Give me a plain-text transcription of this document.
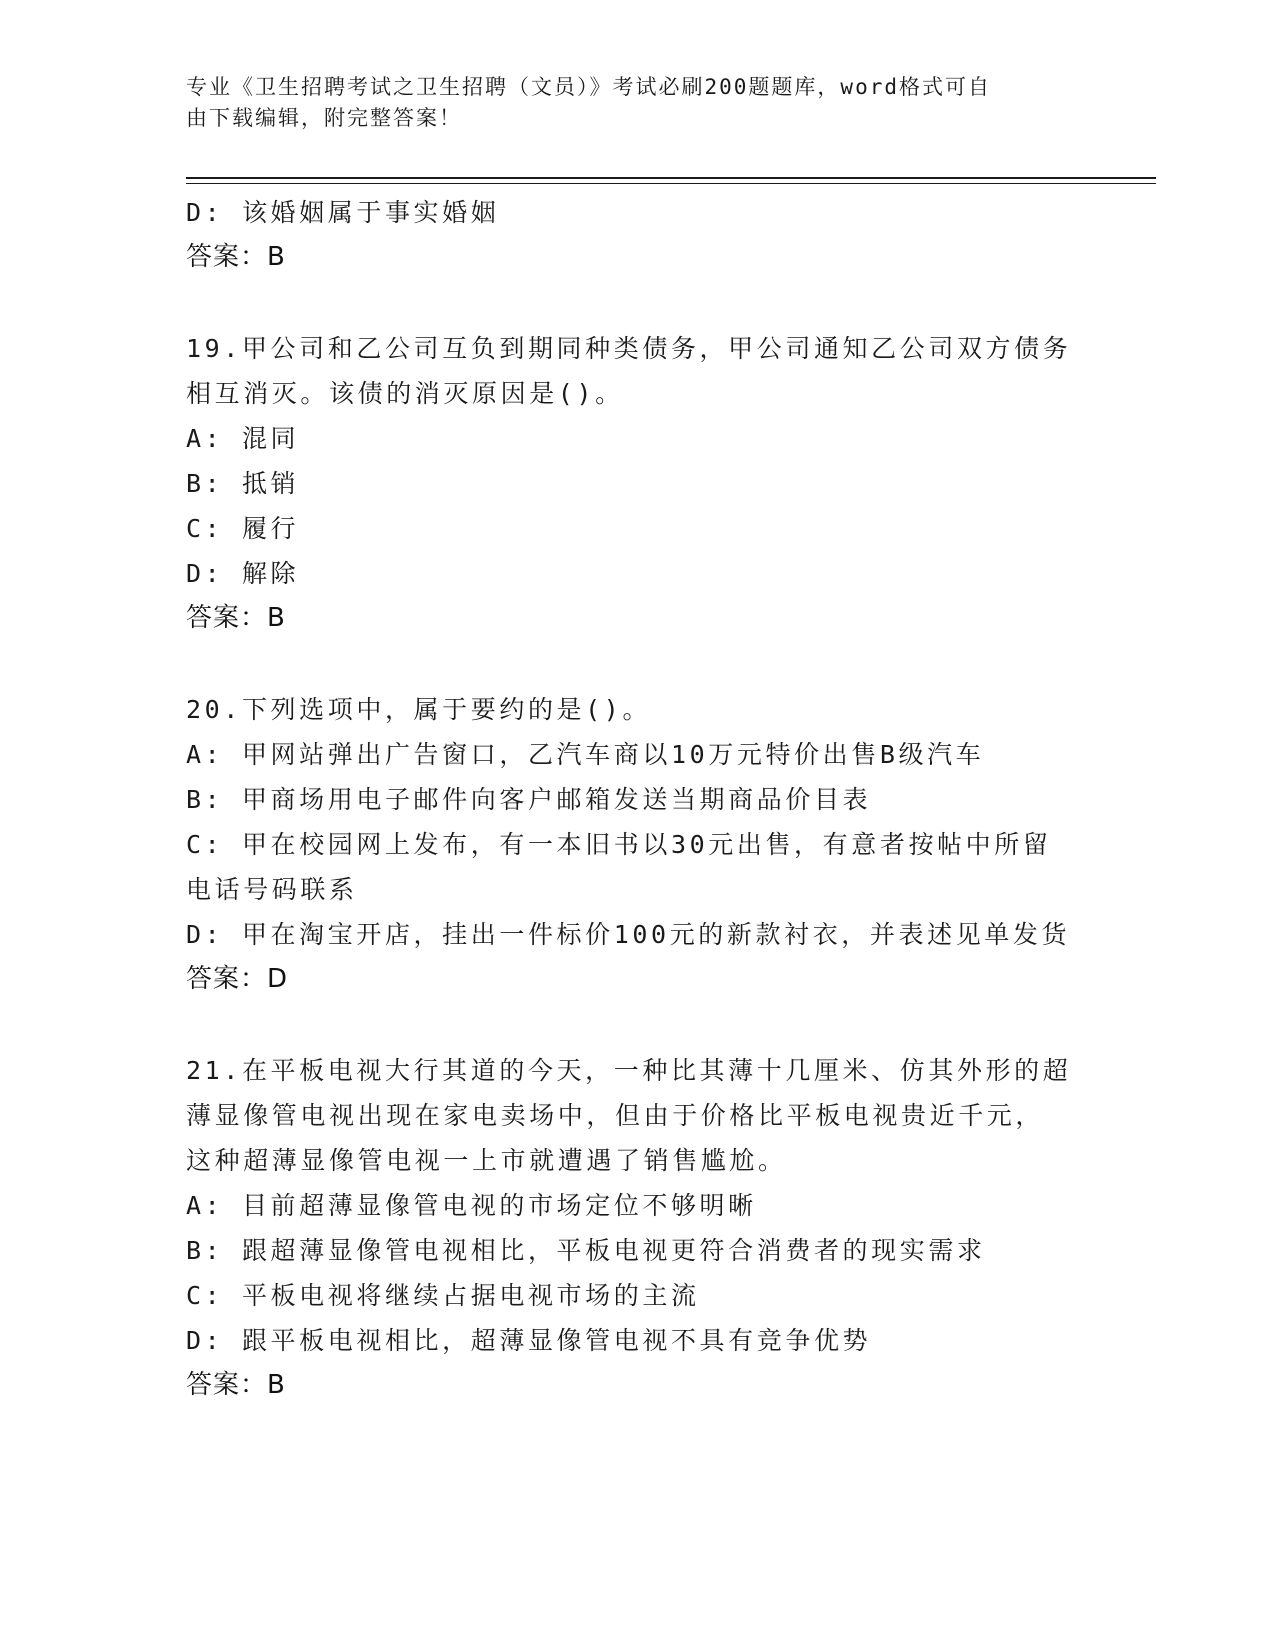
专业《卫生招聘考试之卫生招聘（文员）》考试必刷200题题库，word格式可自
由下载编辑，附完整答案！
D: 该婚姻属于事实婚姻
答案：B
19.甲公司和乙公司互负到期同种类债务，甲公司通知乙公司双方债务
相互消灭。该债的消灭原因是()。
A: 混同
B: 抵销
C: 履行
D: 解除
答案：B
20.下列选项中，属于要约的是()。
A: 甲网站弹出广告窗口，乙汽车商以10万元特价出售B级汽车
B: 甲商场用电子邮件向客户邮箱发送当期商品价目表
C: 甲在校园网上发布，有一本旧书以30元出售，有意者按帖中所留
电话号码联系
D: 甲在淘宝开店，挂出一件标价100元的新款衬衣，并表述见单发货
答案：D
21.在平板电视大行其道的今天，一种比其薄十几厘米、仿其外形的超
薄显像管电视出现在家电卖场中，但由于价格比平板电视贵近千元，
这种超薄显像管电视一上市就遭遇了销售尴尬。
A: 目前超薄显像管电视的市场定位不够明晰
B: 跟超薄显像管电视相比，平板电视更符合消费者的现实需求
C: 平板电视将继续占据电视市场的主流
D: 跟平板电视相比，超薄显像管电视不具有竞争优势
答案：B
